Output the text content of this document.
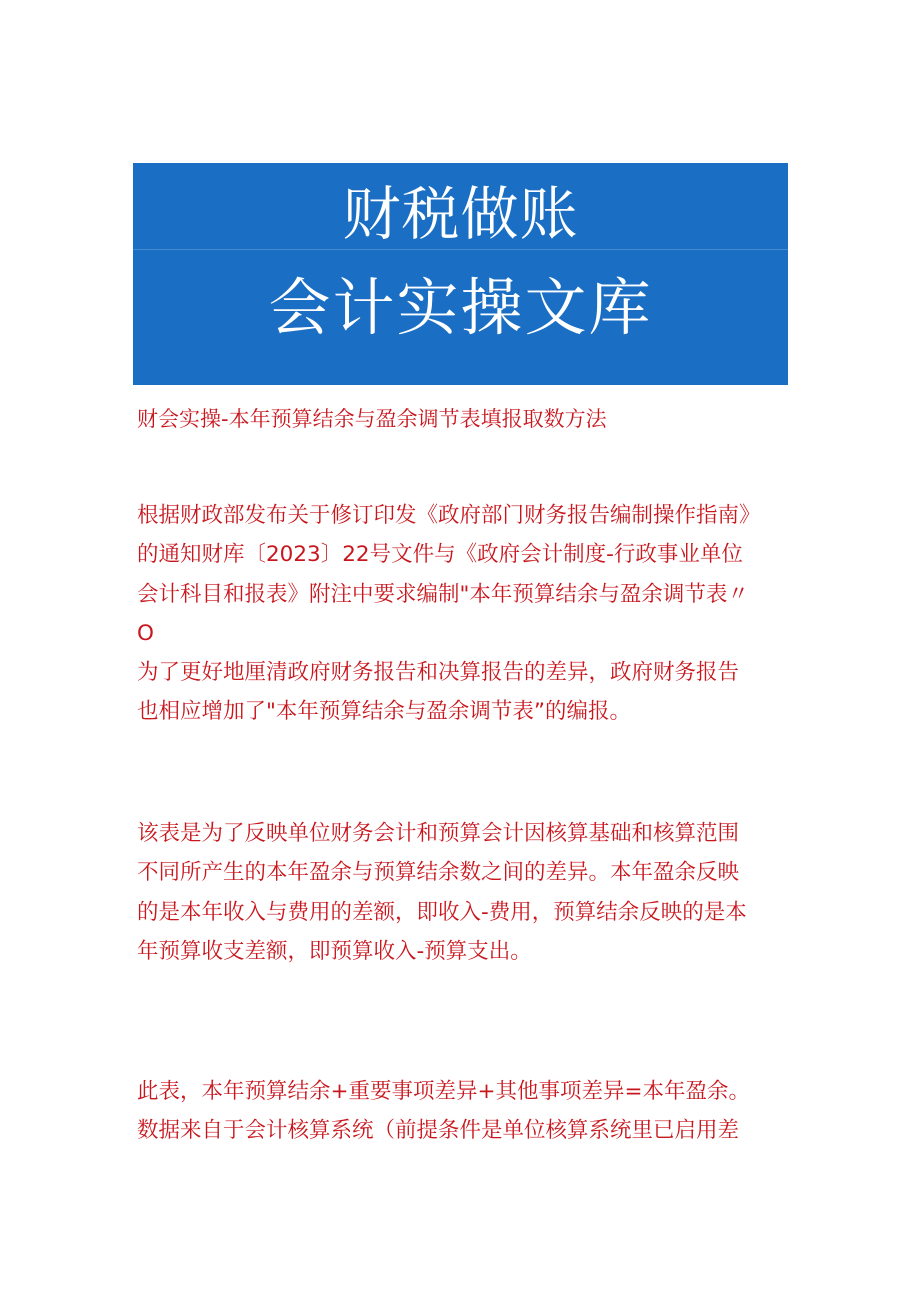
财税做账
会计实操文库
财会实操-本年预算结余与盈余调节表填报取数方法
根据财政部发布关于修订印发《政府部门财务报告编制操作指南》
的通知财库〔2023〕22号文件与《政府会计制度-行政事业单位
会计科目和报表》附注中要求编制"本年预算结余与盈余调节表〃
O
为了更好地厘清政府财务报告和决算报告的差异，政府财务报告
也相应增加了"本年预算结余与盈余调节表”的编报。
该表是为了反映单位财务会计和预算会计因核算基础和核算范围
不同所产生的本年盈余与预算结余数之间的差异。本年盈余反映
的是本年收入与费用的差额，即收入-费用，预算结余反映的是本
年预算收支差额，即预算收入-预算支出。
此表，本年预算结余+重要事项差异+其他事项差异=本年盈余。
数据来自于会计核算系统（前提条件是单位核算系统里已启用差
